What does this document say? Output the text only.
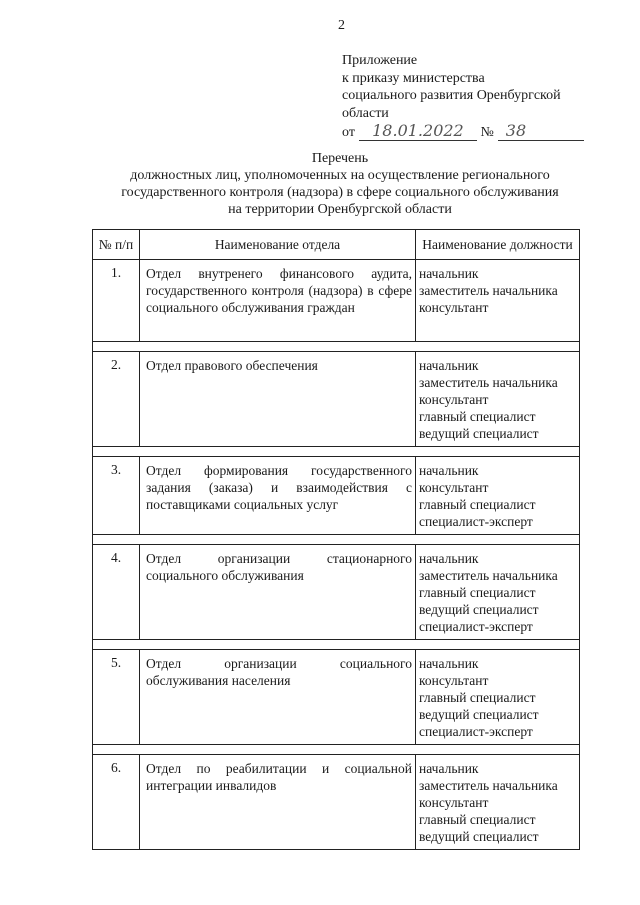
2
Приложение
к приказу министерства
социального развития Оренбургской
области
от 18.01.2022 № 38
Перечень
должностных лиц, уполномоченных на осуществление регионального
государственного контроля (надзора) в сфере социального обслуживания
на территории Оренбургской области
№ п/п	Наименование отдела	Наименование должности
1.	Отдел внутренего финансового аудита, государственного контроля (надзора) в сфере социального обслуживания граждан	начальник
заместитель начальника
консультант

2.	Отдел правового обеспечения	начальник
заместитель начальника
консультант
главный специалист
ведущий специалист

3.	Отдел формирования государственного задания (заказа) и взаимодействия с поставщиками социальных услуг	начальник
консультант
главный специалист
специалист-эксперт

4.	Отдел организации стационарного социального обслуживания	начальник
заместитель начальника
главный специалист
ведущий специалист
специалист-эксперт

5.	Отдел организации социального обслуживания населения	начальник
консультант
главный специалист
ведущий специалист
специалист-эксперт

6.	Отдел по реабилитации и социальной интеграции инвалидов	начальник
заместитель начальника
консультант
главный специалист
ведущий специалист
